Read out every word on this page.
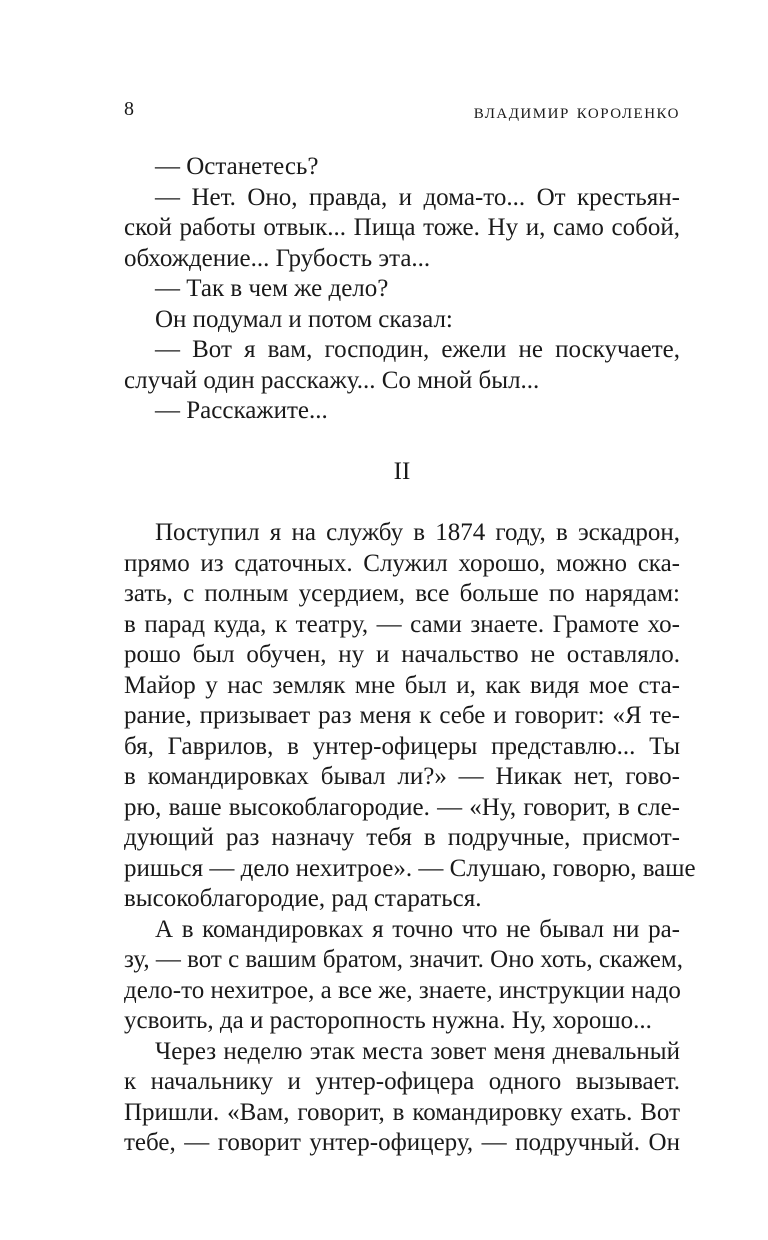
8	владимир короленко
— Останетесь?
— Нет. Оно, правда, и дома-то... От крестьян-
ской работы отвык... Пища тоже. Ну и, само собой,
обхождение... Грубость эта...
— Так в чем же дело?
Он подумал и потом сказал:
— Вот я вам, господин, ежели не поскучаете,
случай один расскажу... Со мной был...
— Расскажите...
II
Поступил я на службу в 1874 году, в эскадрон,
прямо из сдаточных. Служил хорошо, можно ска-
зать, с полным усердием, все больше по нарядам:
в парад куда, к театру, — сами знаете. Грамоте хо-
рошо был обучен, ну и начальство не оставляло.
Майор у нас земляк мне был и, как видя мое ста-
рание, призывает раз меня к себе и говорит: «Я те-
бя, Гаврилов, в унтер-офицеры представлю... Ты
в командировках бывал ли?» — Никак нет, гово-
рю, ваше высокоблагородие. — «Ну, говорит, в сле-
дующий раз назначу тебя в подручные, присмот-
ришься — дело нехитрое». — Слушаю, говорю, ваше
высокоблагородие, рад стараться.
А в командировках я точно что не бывал ни ра-
зу, — вот с вашим братом, значит. Оно хоть, скажем,
дело-то нехитрое, а все же, знаете, инструкции надо
усвоить, да и расторопность нужна. Ну, хорошо...
Через неделю этак места зовет меня дневальный
к начальнику и унтер-офицера одного вызывает.
Пришли. «Вам, говорит, в командировку ехать. Вот
тебе, — говорит унтер-офицеру, — подручный. Он
